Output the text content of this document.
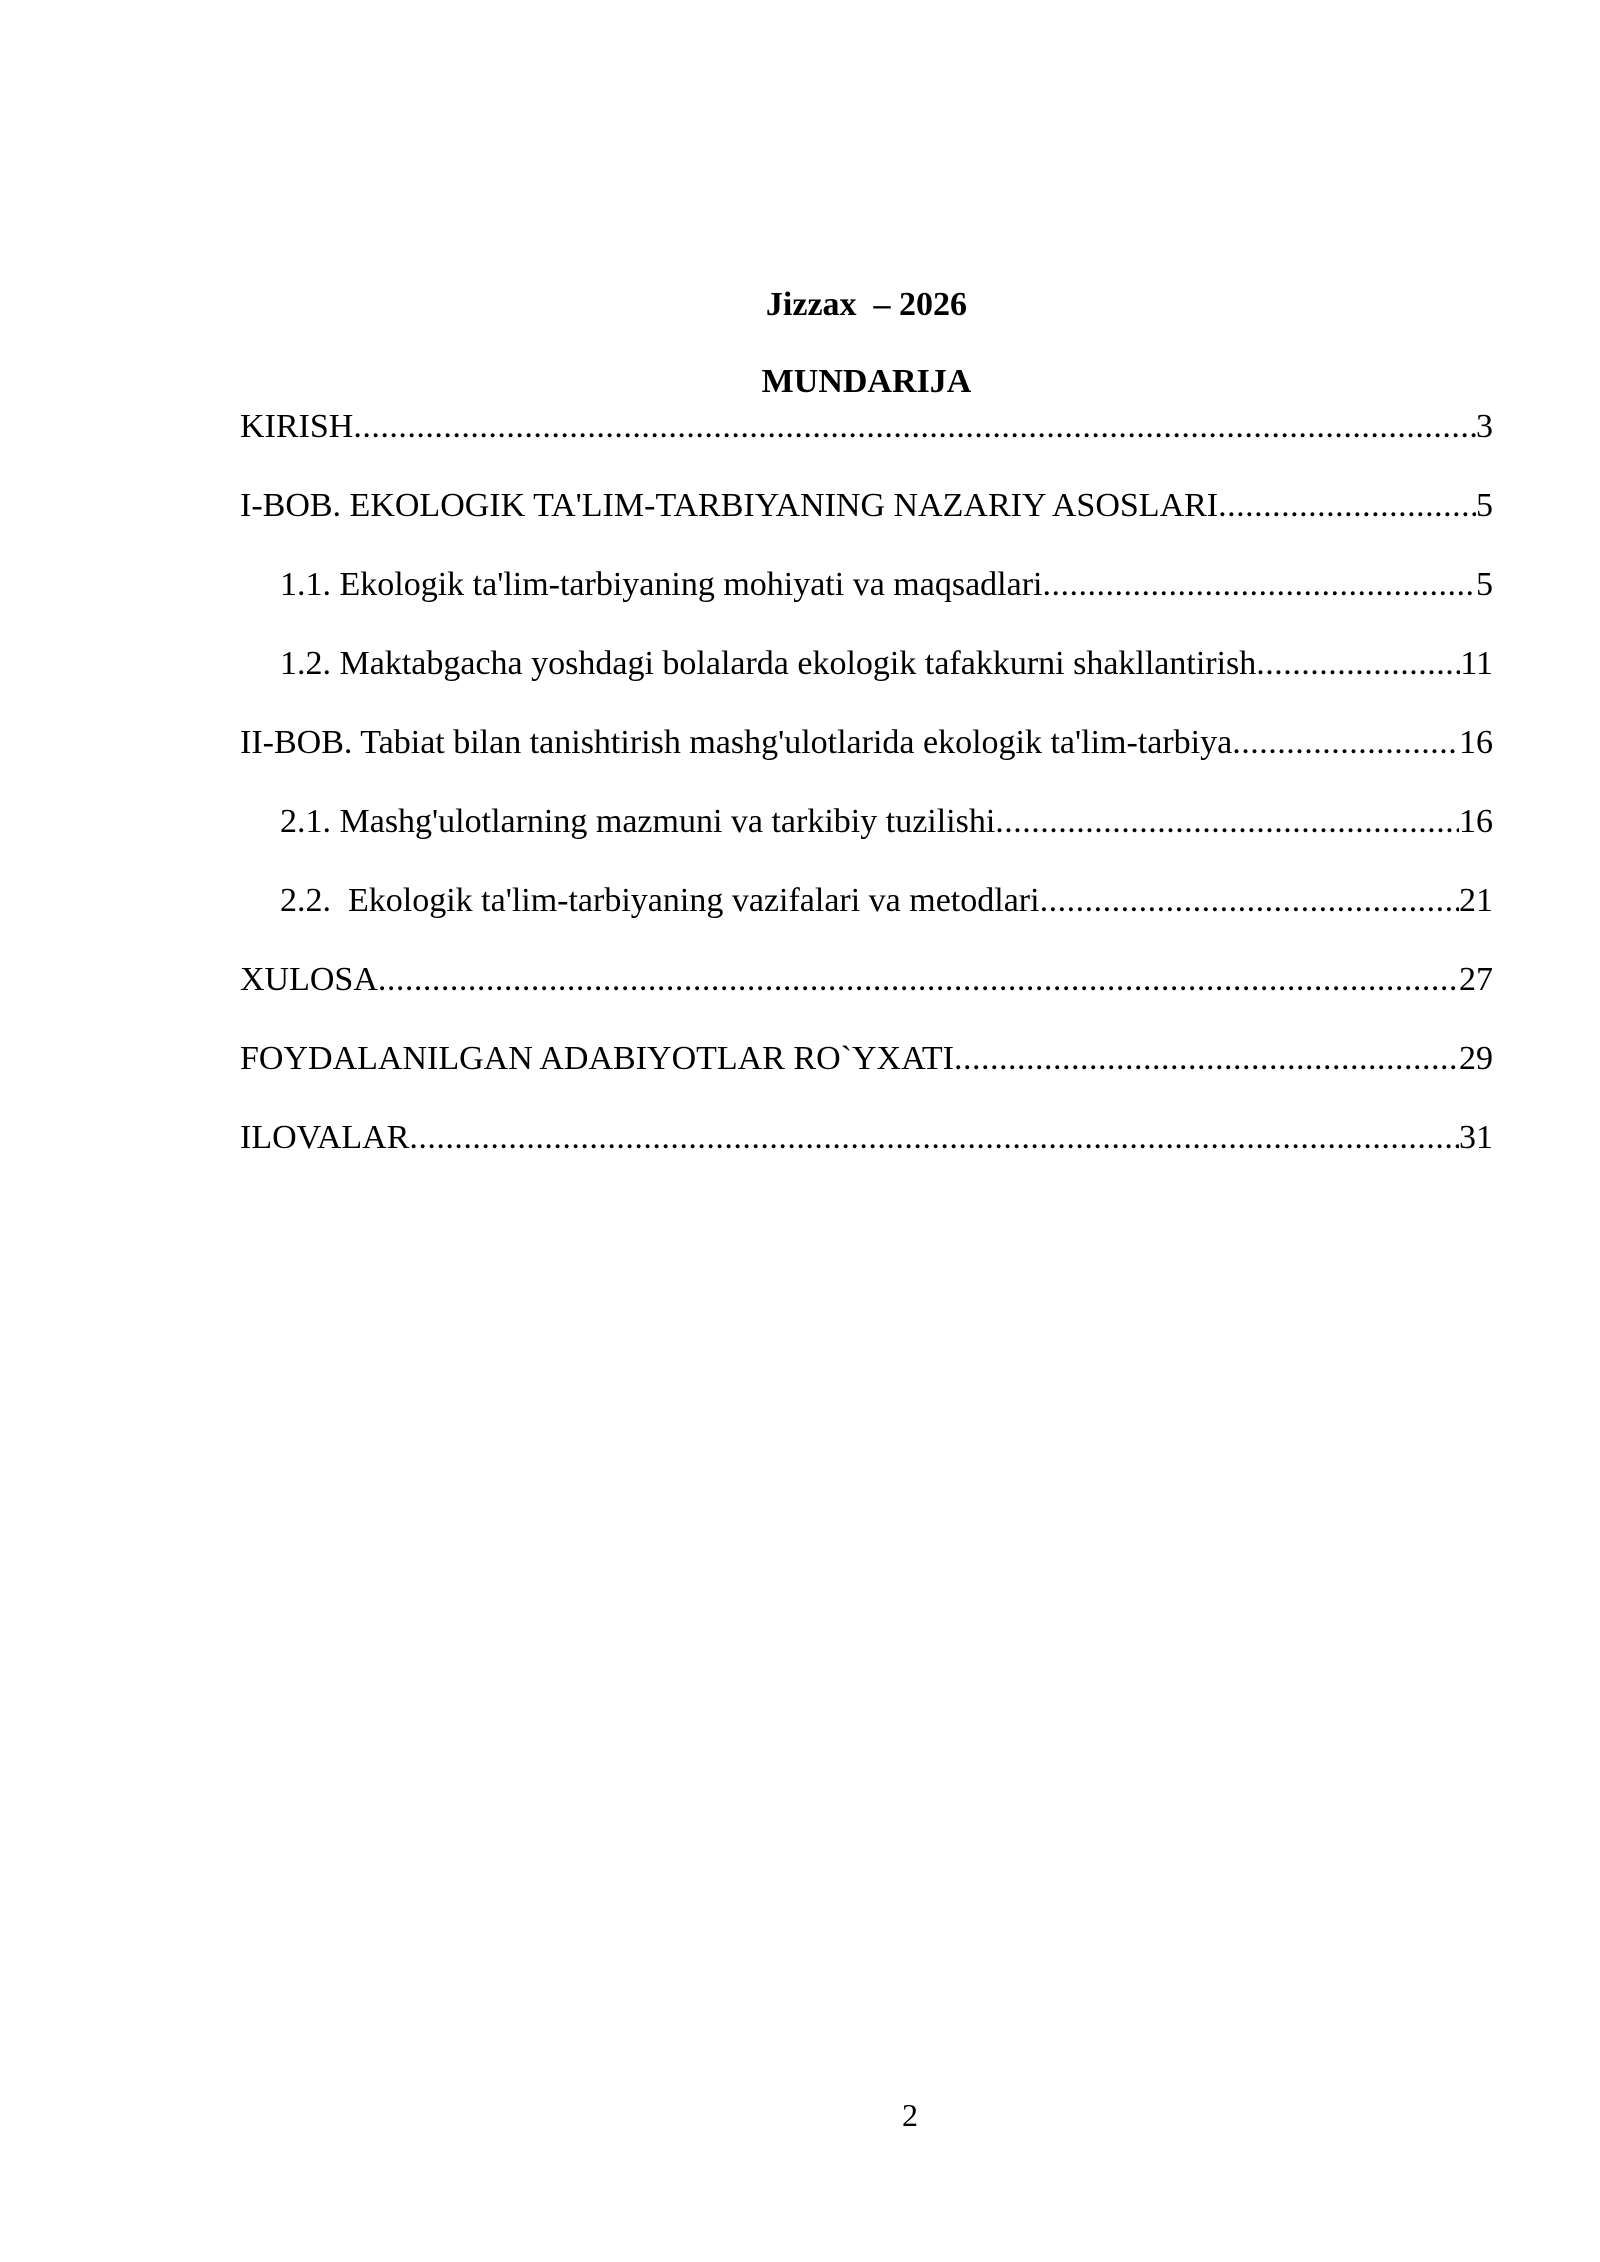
Jizzax  – 2026
MUNDARIJA
KIRISH .....	3
I-BOB. EKOLOGIK TA'LIM-TARBIYANING NAZARIY ASOSLARI .....	5
1.1. Ekologik ta'lim-tarbiyaning mohiyati va maqsadlari .....	5
1.2. Maktabgacha yoshdagi bolalarda ekologik tafakkurni shakllantirish .....	11
II-BOB. Tabiat bilan tanishtirish mashg'ulotlarida ekologik ta'lim-tarbiya .....	16
2.1. Mashg'ulotlarning mazmuni va tarkibiy tuzilishi .....	16
2.2.  Ekologik ta'lim-tarbiyaning vazifalari va metodlari .....	21
XULOSA .....	27
FOYDALANILGAN ADABIYOTLAR RO`YXATI .....	29
ILOVALAR .....	31
2
